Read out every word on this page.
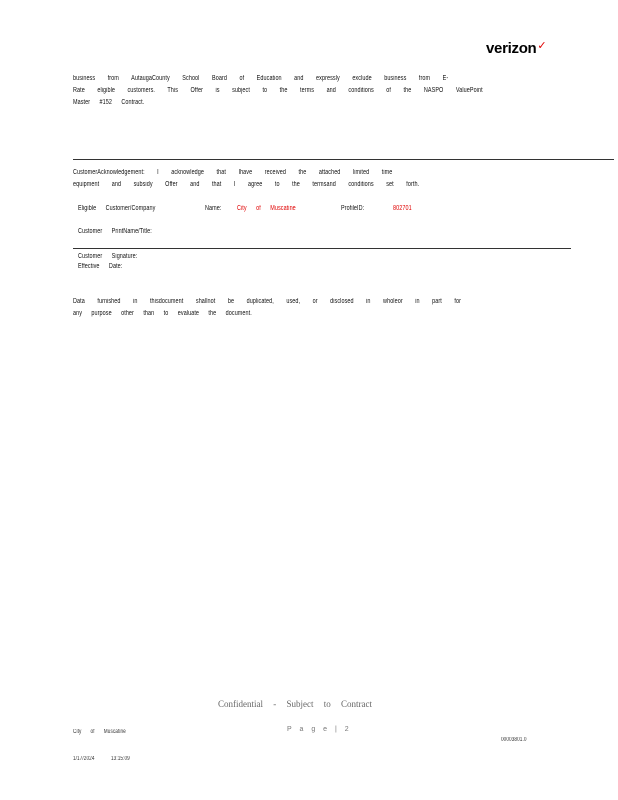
verizon✓
business from AutaugaCounty School Board of Education and expressly exclude business from E-
Rate eligible customers. This Offer is subject to the terms and conditions of the NASPO ValuePoint
Master #152 Contract.
CustomerAcknowledgement: I acknowledge that Ihave received the attached limited time
equipment and subsidy Offer and that I agree to the termsand conditions set forth.
Eligible Customer/Company	Name: City of Muscatine	ProfileID:	802701
Customer PrintName/Title:
Customer Signature:
Effective Date:
Data furnished in thisdocument shallnot be duplicated, used, or disclosed in wholeor in part for
any purpose other than to evaluate the document.
Confidential - Subject to Contract
City of Muscatine	P a g e | 2
00003801.0
1/17/2024	13:15:09
